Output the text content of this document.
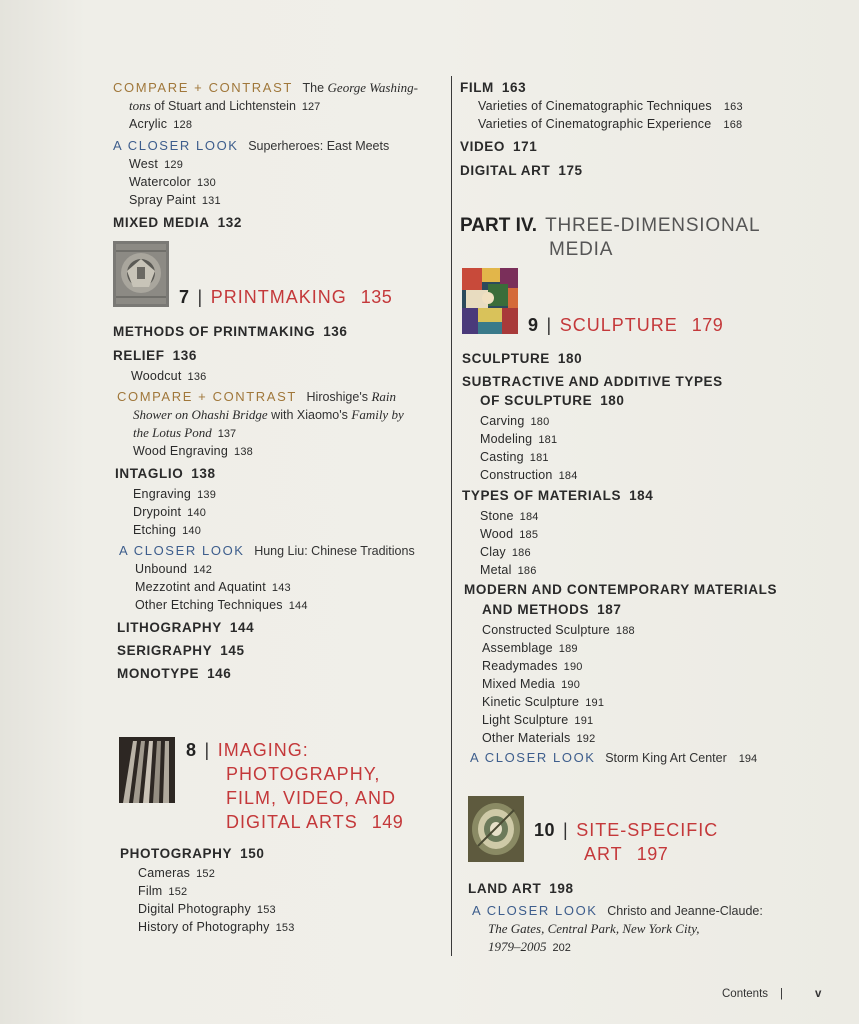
COMPARE + CONTRAST The George Washing-
tons of Stuart and Lichtenstein 127
Acrylic 128
A CLOSER LOOK Superheroes: East Meets
West 129
Watercolor 130
Spray Paint 131
MIXED MEDIA 132
7 | PRINTMAKING 135
METHODS OF PRINTMAKING 136
RELIEF 136
Woodcut 136
COMPARE + CONTRAST Hiroshige's Rain
Shower on Ohashi Bridge with Xiaomo's Family by
the Lotus Pond 137
Wood Engraving 138
INTAGLIO 138
Engraving 139
Drypoint 140
Etching 140
A CLOSER LOOK Hung Liu: Chinese Traditions
Unbound 142
Mezzotint and Aquatint 143
Other Etching Techniques 144
LITHOGRAPHY 144
SERIGRAPHY 145
MONOTYPE 146
8 | IMAGING:
PHOTOGRAPHY,
FILM, VIDEO, AND
DIGITAL ARTS 149
PHOTOGRAPHY 150
Cameras 152
Film 152
Digital Photography 153
History of Photography 153
FILM 163
Varieties of Cinematographic Techniques 163
Varieties of Cinematographic Experience 168
VIDEO 171
DIGITAL ART 175
PART IV. THREE-DIMENSIONAL
MEDIA
9 | SCULPTURE 179
SCULPTURE 180
SUBTRACTIVE AND ADDITIVE TYPES
OF SCULPTURE 180
Carving 180
Modeling 181
Casting 181
Construction 184
TYPES OF MATERIALS 184
Stone 184
Wood 185
Clay 186
Metal 186
MODERN AND CONTEMPORARY MATERIALS
AND METHODS 187
Constructed Sculpture 188
Assemblage 189
Readymades 190
Mixed Media 190
Kinetic Sculpture 191
Light Sculpture 191
Other Materials 192
A CLOSER LOOK Storm King Art Center 194
10 | SITE-SPECIFIC
ART 197
LAND ART 198
A CLOSER LOOK Christo and Jeanne-Claude:
The Gates, Central Park, New York City,
1979–2005 202
Contents |	v
